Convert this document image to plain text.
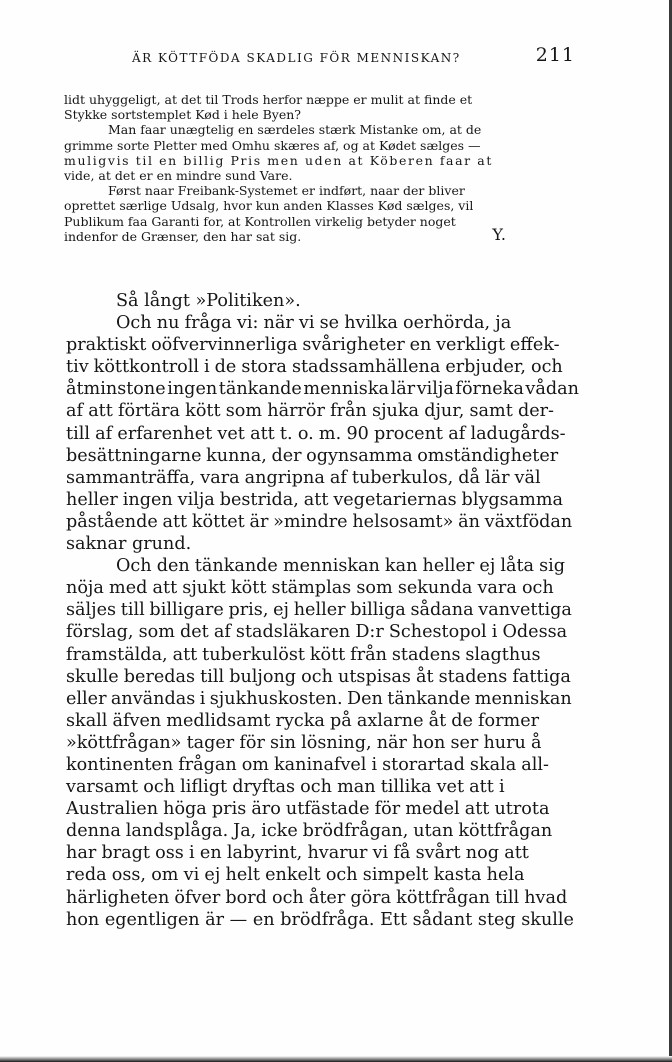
ÄR KÖTTFÖDA SKADLIG FÖR MENNISKAN?	211
lidt uhyggeligt, at det til Trods herfor næppe er mulit at finde et
Stykke sortstemplet Kød i hele Byen?
Man faar unægtelig en særdeles stærk Mistanke om, at de
grimme sorte Pletter med Omhu skæres af, og at Kødet sælges —
muligvis til en billig Pris men uden at Köberen faar at
vide, at det er en mindre sund Vare.
Først naar Freibank-Systemet er indført, naar der bliver
oprettet særlige Udsalg, hvor kun anden Klasses Kød sælges, vil
Publikum faa Garanti for, at Kontrollen virkelig betyder noget
indenfor de Grænser, den har sat sig.	Y.
Så långt »Politiken».
Och nu fråga vi: när vi se hvilka oerhörda, ja
praktiskt oöfvervinnerliga svårigheter en verkligt effek-
tiv köttkontroll i de stora stadssamhällena erbjuder, och
åtminstone ingen tänkande menniska lär vilja förneka vådan
af att förtära kött som härrör från sjuka djur, samt der-
till af erfarenhet vet att t. o. m. 90 procent af ladugårds-
besättningarne kunna, der ogynsamma omständigheter
sammanträffa, vara angripna af tuberkulos, då lär väl
heller ingen vilja bestrida, att vegetariernas blygsamma
påstående att köttet är »mindre helsosamt» än växtfödan
saknar grund.
Och den tänkande menniskan kan heller ej låta sig
nöja med att sjukt kött stämplas som sekunda vara och
säljes till billigare pris, ej heller billiga sådana vanvettiga
förslag, som det af stadsläkaren D:r Schestopol i Odessa
framstälda, att tuberkulöst kött från stadens slagthus
skulle beredas till buljong och utspisas åt stadens fattiga
eller användas i sjukhuskosten. Den tänkande menniskan
skall äfven medlidsamt rycka på axlarne åt de former
»köttfrågan» tager för sin lösning, när hon ser huru å
kontinenten frågan om kaninafvel i storartad skala all-
varsamt och lifligt dryftas och man tillika vet att i
Australien höga pris äro utfästade för medel att utrota
denna landsplåga. Ja, icke brödfrågan, utan köttfrågan
har bragt oss i en labyrint, hvarur vi få svårt nog att
reda oss, om vi ej helt enkelt och simpelt kasta hela
härligheten öfver bord och åter göra köttfrågan till hvad
hon egentligen är — en brödfråga. Ett sådant steg skulle
